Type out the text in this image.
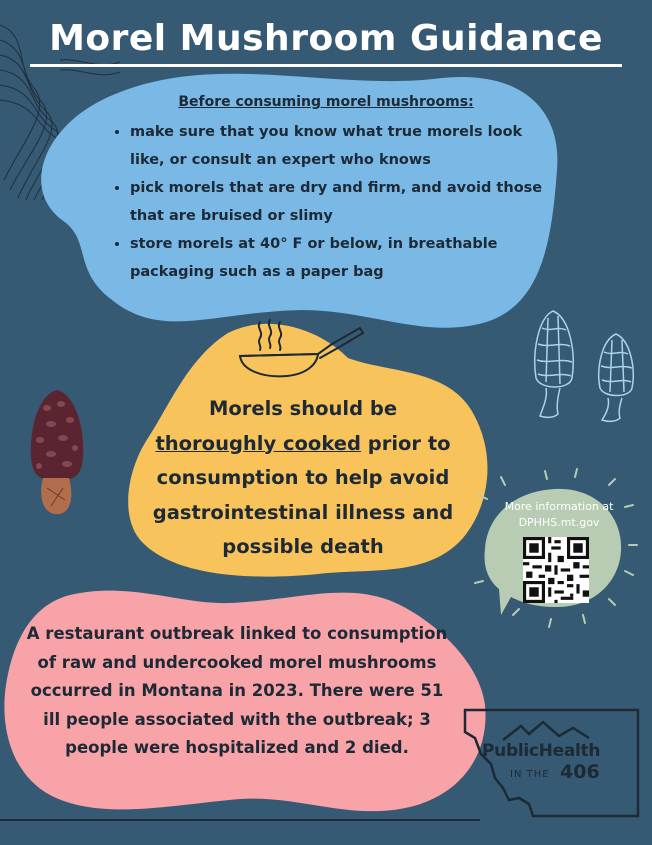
Morel Mushroom Guidance
Before consuming morel mushrooms:
• make sure that you know what true morels look like, or consult an expert who knows
• pick morels that are dry and firm, and avoid those that are bruised or slimy
• store morels at 40° F or below, in breathable packaging such as a paper bag
Morels should be
thoroughly cooked prior to
consumption to help avoid gastrointestinal illness and possible death
More information at
DPHHS.mt.gov
A restaurant outbreak linked to consumption of raw and undercooked morel mushrooms occurred in Montana in 2023. There were 51 ill people associated with the outbreak; 3 people were hospitalized and 2 died.	PublicHealth
IN THE 406
